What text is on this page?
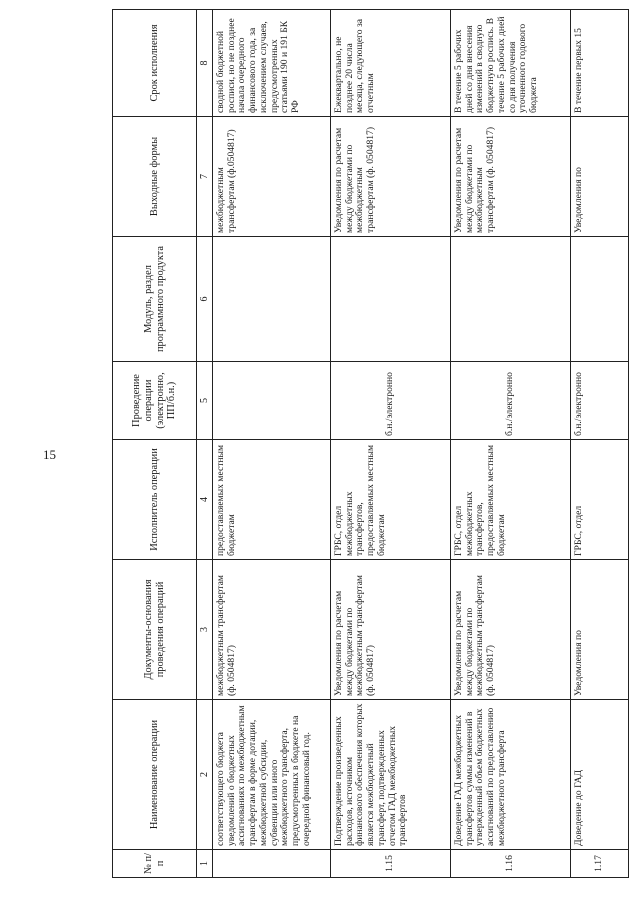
15
№ п/п	Наименование операции	Документы-основания проведения операций	Исполнитель операции	Проведение операции (электронно, ПП/б.н.)	Модуль, раздел программного продукта	Выходные формы	Срок исполнения
1	2	3	4	5	6	7	8
	соответствующего бюджета уведомлений о бюджетных ассигнованиях по межбюджетным трансфертам в форме дотации, межбюджетной субсидии, субвенции или иного межбюджетного трансферта, предусмотренных в бюджете на очередной финансовый год.	межбюджетным трансфертам (ф. 0504817)	предоставляемых местным бюджетам			межбюджетным трансфертам (ф.0504817)	сводной бюджетной росписи, но не позднее начала очередного финансового года, за исключением случаев, предусмотренных статьями 190 и 191 БК РФ
1.15	Подтверждение произведенных расходов, источником финансового обеспечения которых является межбюджетный трансферт, подтвержденных отчетом ГАД межбюджетных трансфертов	Уведомления по расчетам между бюджетами по межбюджетным трансфертам (ф. 0504817)	ГРБС, отдел межбюджетных трансфертов, предоставляемых местным бюджетам	б.н./электронно		Уведомления по расчетам между бюджетами по межбюджетным трансфертам (ф. 0504817)	Ежеквартально, не позднее 20 числа месяца, следующего за отчетным
1.16	Доведение ГАД межбюджетных трансфертов суммы изменений в утвержденный объем бюджетных ассигнований по предоставлению межбюджетного трансферта	Уведомления по расчетам между бюджетами по межбюджетным трансфертам (ф. 0504817)	ГРБС, отдел межбюджетных трансфертов, предоставляемых местным бюджетам	б.н./электронно		Уведомления по расчетам между бюджетами по межбюджетным трансфертам (ф. 0504817)	В течение 5 рабочих дней со дня внесения изменений в сводную бюджетную роспись. В течение 5 рабочих дней со дня получения уточненного годового бюджета
1.17	Доведение до ГАД	Уведомления по	ГРБС, отдел	б.н./электронно		Уведомления по	В течение первых 15
